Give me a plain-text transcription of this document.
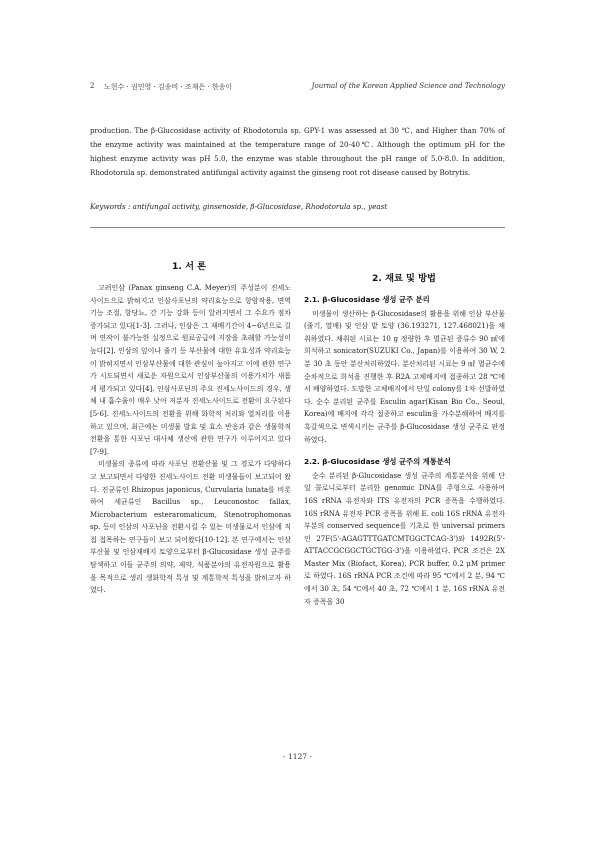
2 노현수 · 권민영 · 김송비 · 조재은 · 한송이	Journal of the Korean Applied Science and Technology
production. The β-Glucosidase activity of Rhodotorula sp. GPY-1 was assessed at 30 ℃, and Higher than 70% of the enzyme activity was maintained at the temperature range of 20-40℃. Although the optimum pH for the highest enzyme activity was pH 5.0, the enzyme was stable throughout the pH range of 5.0-8.0. In addition, Rhodotorula sp. demonstrated antifungal activity against the ginseng root rot disease caused by Botrytis.
Keywords : antifungal activity, ginsenoside, β-Glucosidase, Rhodotorula sp., yeast
1. 서 론
2. 재료 및 방법

고려인삼 (Panax ginseng C.A. Meyer)의 주성분이 진세노사이드으로 밝혀지고 인삼사포닌의 약리효능으로 항암작용, 면역기능 조절, 항당뇨, 간 기능 강화 등이 알려지면서 그 수요가 점차 증가되고 있다[1-3]. 그러나, 인삼은 그 재배기간이 4~6년으로 길며 연작이 불가능한 실정으로 원료공급에 지장을 초래할 가능성이 높다[2]. 인삼의 잎이나 줄기 등 부산물에 대한 유효성과 약리효능이 밝혀지면서 인삼부산물에 대한 관심이 높아지고 이에 관한 연구가 시도되면서 새로운 자원으로서 인삼부산물의 이용가치가 새롭게 평가되고 있다[4]. 인삼사포닌의 주요 진세노사이드의 경우, 생체 내 흡수율이 매우 낮아 저분자 진세노사이드로 전환이 요구된다[5-6]. 진세노사이드의 전환을 위해 화학적 처리와 열처리를 이용하고 있으며, 최근에는 미생물 발효 및 효소 반응과 같은 생물학적 전환을 통한 사포닌 대사체 생산에 관한 연구가 이루어지고 있다[7-9].

미생물의 종류에 따라 사포닌 전환산물 및 그 경로가 다양하다고 보고되면서 다양한 진세노사이드 전환 미생물들이 보고되어 왔다. 진균류인 Rhizopus japonicus, Curvularia lunata를 비롯하여 세균류인 Bacillus sp., Leuconostoc fallax, Microbacterium esteraromaticum, Stenotrophomonas sp. 등이 인삼의 사포닌을 전환시킬 수 있는 미생물로서 인삼에 직접 접목하는 연구들이 보고 되어왔다[10-12]. 본 연구에서는 인삼부산물 및 인삼재배지 토양으로부터 β-Glucosidase 생성 균주를 탐색하고 이들 균주의 의약, 제약, 식품분야의 유전자원으로 활용을 목적으로 생리 생화학적 특성 및 계통학적 특성을 밝히고자 하였다.

2.1. β-Glucosidase 생성 균주 분리

미생물이 생산하는 β-Glucosidase의 활용을 위해 인삼 부산물(줄기, 열매) 및 인삼 밭 토양 (36.193271, 127.468021)을 채취하였다. 채취된 시료는 10 g 정량한 후 멸균된 증류수 90 ㎖에 희석하고 sonicator(SUZUKI Co., Japan)를 이용하여 30 W, 2 분 30 초 동안 분산처리하였다. 분산처리된 시료는 9 ㎖ 멸균수에 순차적으로 희석을 진행한 후 R2A 고체배지에 접종하고 28 ℃에서 배양하였다. 도말한 고체배지에서 단일 colony를 1차 선발하였다. 순수 분리된 균주를 Esculin agar(Kisan Bio Co., Seoul, Korea)에 배지에 각각 접종하고 esculin을 가수분해하여 배지를 흑갈색으로 변색시키는 균주를 β-Glucosidase 생성 균주로 판정하였다.

2.2. β-Glucosidase 생성 균주의 계통분석

순수 분리된 β-Glucosidase 생성 균주의 계통분석을 위해 단일 콜로니로부터 분리한 genomic DNA를 주형으로 사용하여 16S rRNA 유전자와 ITS 유전자의 PCR 증폭을 수행하였다. 16S rRNA 유전자 PCR 증폭을 위해 E. coli 16S rRNA 유전자 부분의 conserved sequence를 기초로 한 universal primers인 27F(5'-AGAGTTTGATCMTGGCTCAG-3')와 1492R(5'-ATTACCGCGGCTGCTGG-3')을 이용하였다. PCR 조건은 2X Master Mix (Biofact, Korea), PCR buffer, 0.2 μM primer로 하였다. 16S rRNA PCR 조건에 따라 95 ℃에서 2 분, 94 ℃에서 30 초, 54 ℃에서 40 초, 72 ℃에서 1 분, 16S rRNA 유전자 증폭을 30

- 1127 -
